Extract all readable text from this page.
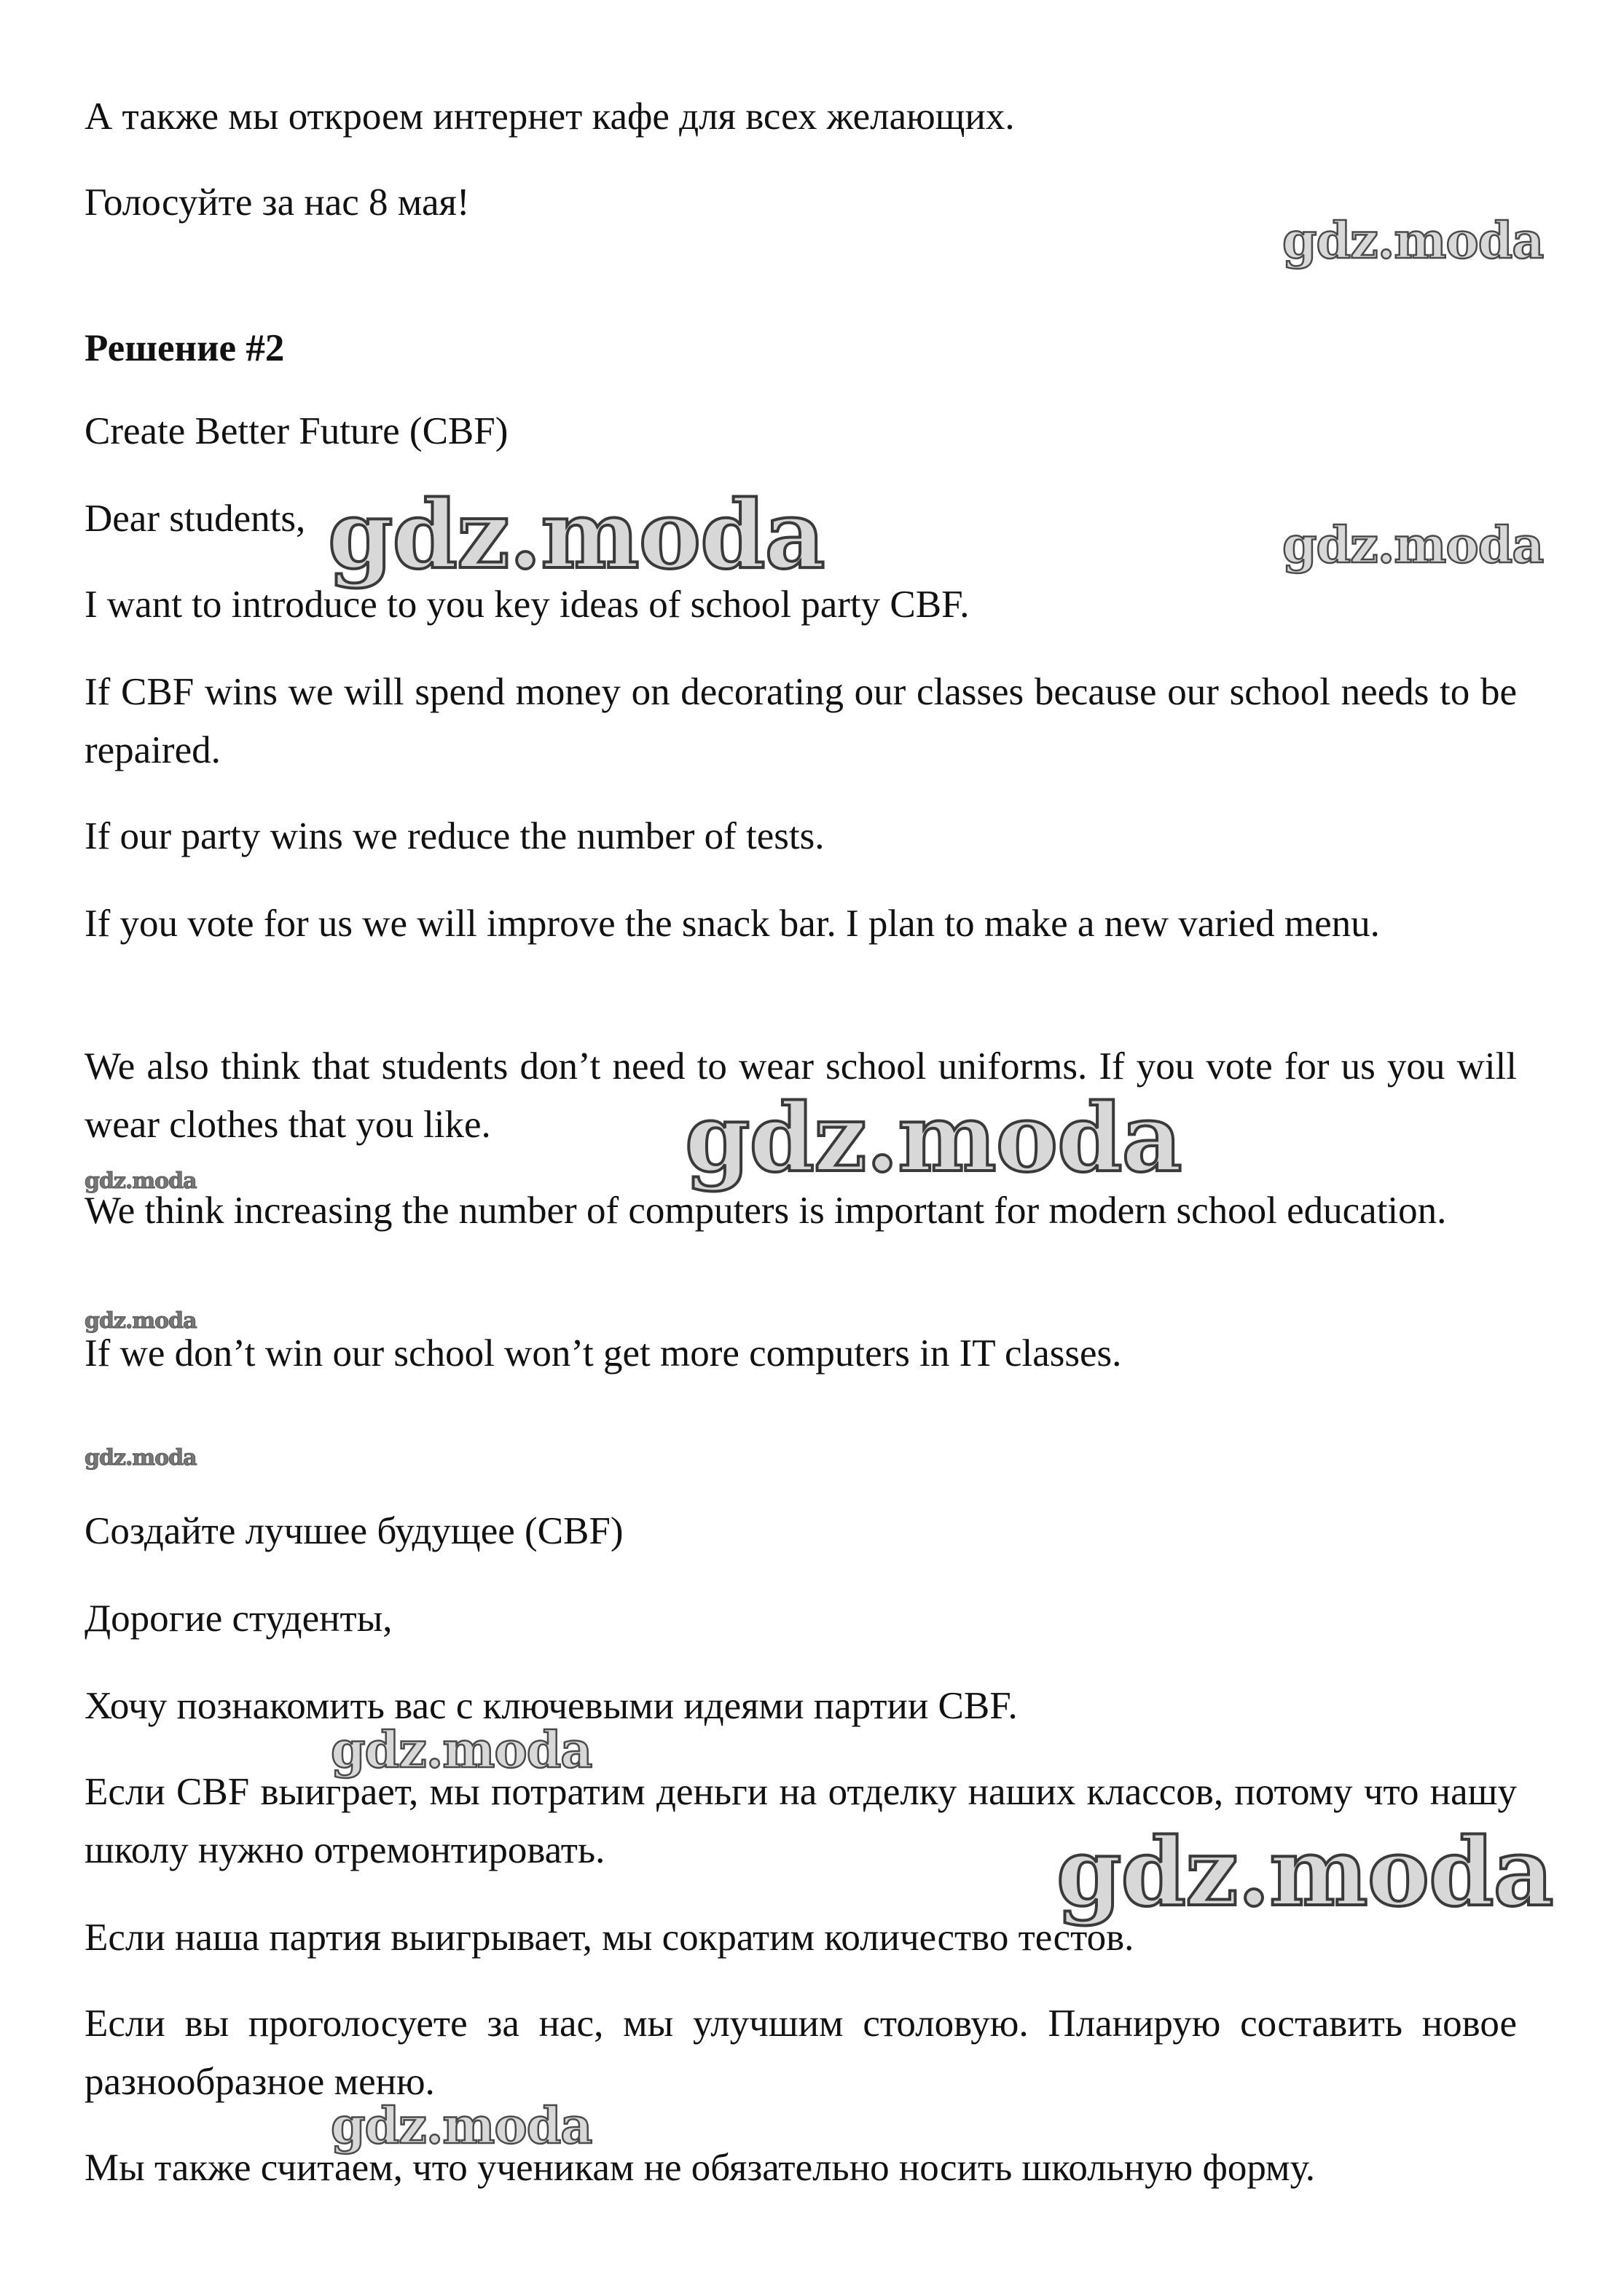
А также мы откроем интернет кафе для всех желающих.

Голосуйте за нас 8 мая!

Решение #2

Create Better Future (CBF)

Dear students,

I want to introduce to you key ideas of school party CBF.

If CBF wins we will spend money on decorating our classes because our school needs to be repaired.

If our party wins we reduce the number of tests.

If you vote for us we will improve the snack bar. I plan to make a new varied menu.

We also think that students don’t need to wear school uniforms. If you vote for us you will wear clothes that you like.

We think increasing the number of computers is important for modern school education.

If we don’t win our school won’t get more computers in IT classes.

Создайте лучшее будущее (CBF)

Дорогие студенты,

Хочу познакомить вас с ключевыми идеями партии CBF.

Если CBF выиграет, мы потратим деньги на отделку наших классов, потому что нашу школу нужно отремонтировать.

Если наша партия выигрывает, мы сократим количество тестов.

Если вы проголосуете за нас, мы улучшим столовую. Планирую составить новое разнообразное меню.

Мы также считаем, что ученикам не обязательно носить школьную форму.

gdz.moda
gdz.moda	gdz.moda
gdz.moda
gdz.moda
gdz.moda
gdz.moda
gdz.moda
gdz.moda
gdz.moda
